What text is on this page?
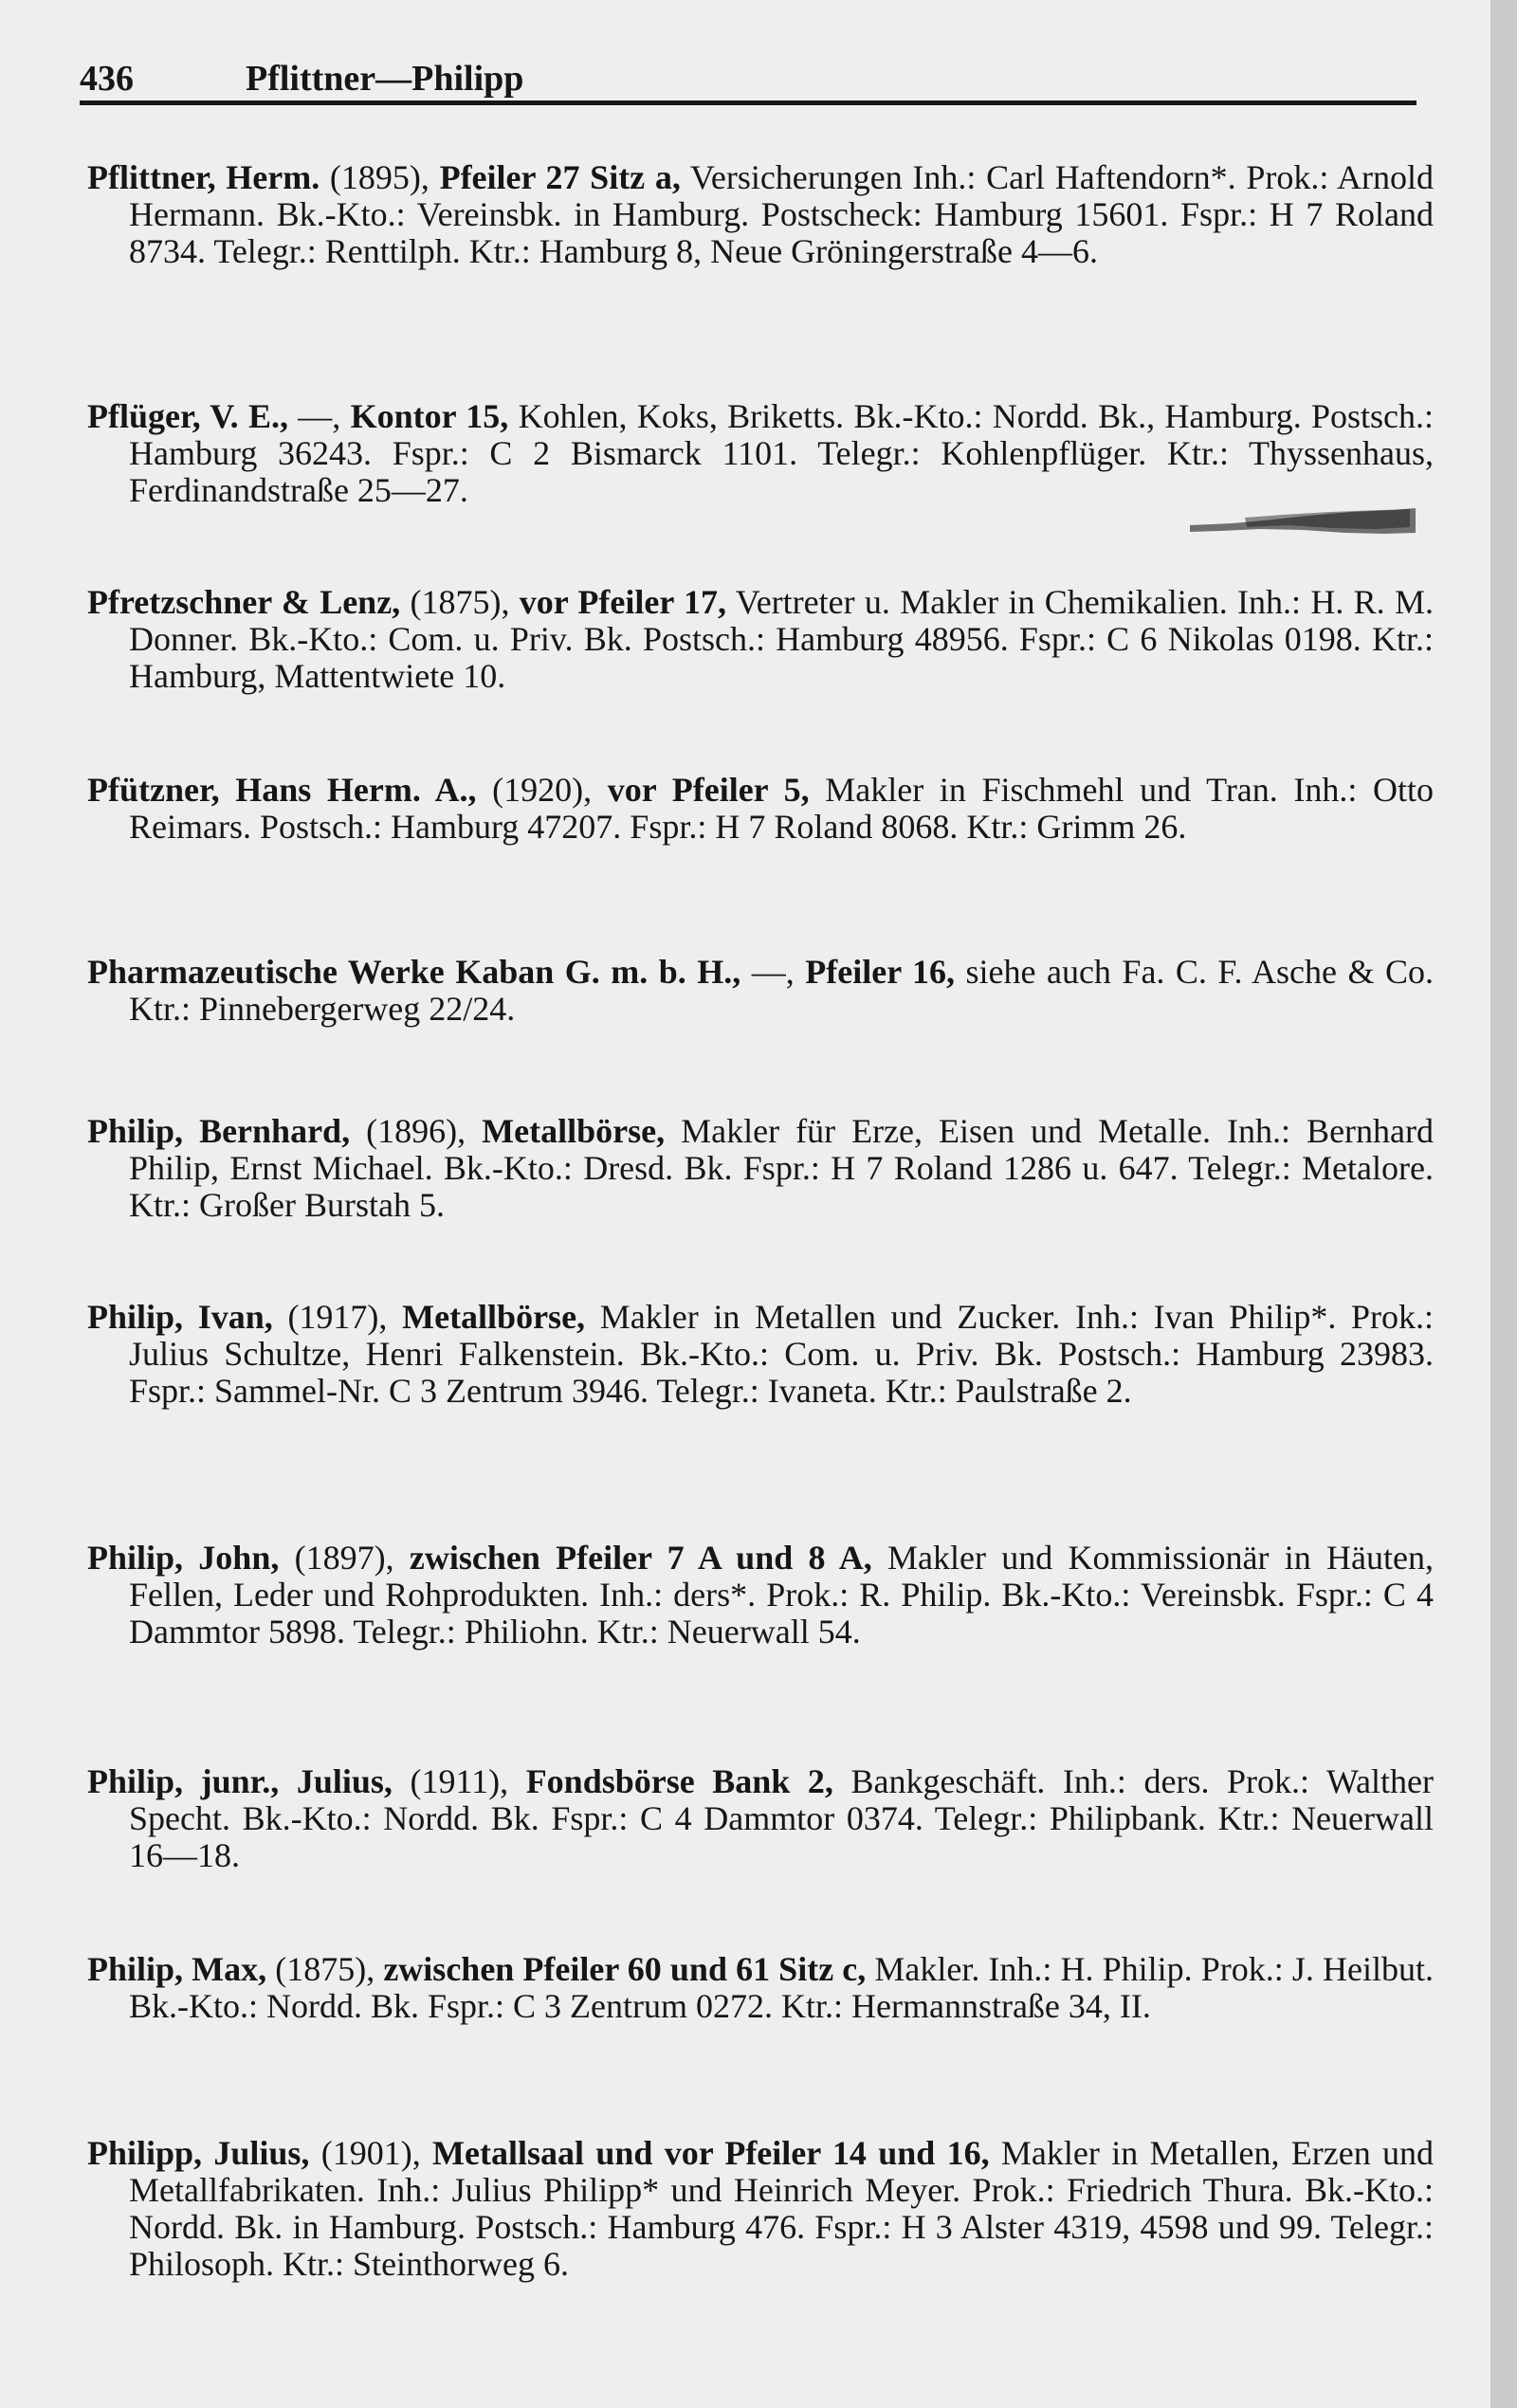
436	Pflittner—Philipp

Pflittner, Herm. (1895), Pfeiler 27 Sitz a, Versicherungen Inh.: Carl Haftendorn*. Prok.: Arnold Hermann. Bk.-Kto.: Vereinsbk. in Hamburg. Postscheck: Hamburg 15601. Fspr.: H 7 Roland 8734. Telegr.: Renttilph. Ktr.: Hamburg 8, Neue Gröningerstraße 4—6.

Pflüger, V. E., —, Kontor 15, Kohlen, Koks, Briketts. Bk.-Kto.: Nordd. Bk., Hamburg. Postsch.: Hamburg 36243. Fspr.: C 2 Bismarck 1101. Telegr.: Kohlenpflüger. Ktr.: Thyssenhaus, Ferdinandstraße 25—27.

Pfretzschner & Lenz, (1875), vor Pfeiler 17, Vertreter u. Makler in Chemikalien. Inh.: H. R. M. Donner. Bk.-Kto.: Com. u. Priv. Bk. Postsch.: Hamburg 48956. Fspr.: C 6 Nikolas 0198. Ktr.: Hamburg, Mattentwiete 10.

Pfützner, Hans Herm. A., (1920), vor Pfeiler 5, Makler in Fischmehl und Tran. Inh.: Otto Reimars. Postsch.: Hamburg 47207. Fspr.: H 7 Roland 8068. Ktr.: Grimm 26.

Pharmazeutische Werke Kaban G. m. b. H., —, Pfeiler 16, siehe auch Fa. C. F. Asche & Co. Ktr.: Pinnebergerweg 22/24.

Philip, Bernhard, (1896), Metallbörse, Makler für Erze, Eisen und Metalle. Inh.: Bernhard Philip, Ernst Michael. Bk.-Kto.: Dresd. Bk. Fspr.: H 7 Roland 1286 u. 647. Telegr.: Metalore. Ktr.: Großer Burstah 5.

Philip, Ivan, (1917), Metallbörse, Makler in Metallen und Zucker. Inh.: Ivan Philip*. Prok.: Julius Schultze, Henri Falkenstein. Bk.-Kto.: Com. u. Priv. Bk. Postsch.: Hamburg 23983. Fspr.: Sammel-Nr. C 3 Zentrum 3946. Telegr.: Ivaneta. Ktr.: Paulstraße 2.

Philip, John, (1897), zwischen Pfeiler 7 A und 8 A, Makler und Kommissionär in Häuten, Fellen, Leder und Rohprodukten. Inh.: ders*. Prok.: R. Philip. Bk.-Kto.: Vereinsbk. Fspr.: C 4 Dammtor 5898. Telegr.: Philiohn. Ktr.: Neuerwall 54.

Philip, junr., Julius, (1911), Fondsbörse Bank 2, Bankgeschäft. Inh.: ders. Prok.: Walther Specht. Bk.-Kto.: Nordd. Bk. Fspr.: C 4 Dammtor 0374. Telegr.: Philipbank. Ktr.: Neuerwall 16—18.

Philip, Max, (1875), zwischen Pfeiler 60 und 61 Sitz c, Makler. Inh.: H. Philip. Prok.: J. Heilbut. Bk.-Kto.: Nordd. Bk. Fspr.: C 3 Zentrum 0272. Ktr.: Hermannstraße 34, II.

Philipp, Julius, (1901), Metallsaal und vor Pfeiler 14 und 16, Makler in Metallen, Erzen und Metallfabrikaten. Inh.: Julius Philipp* und Heinrich Meyer. Prok.: Friedrich Thura. Bk.-Kto.: Nordd. Bk. in Hamburg. Postsch.: Hamburg 476. Fspr.: H 3 Alster 4319, 4598 und 99. Telegr.: Philosoph. Ktr.: Steinthorweg 6.
